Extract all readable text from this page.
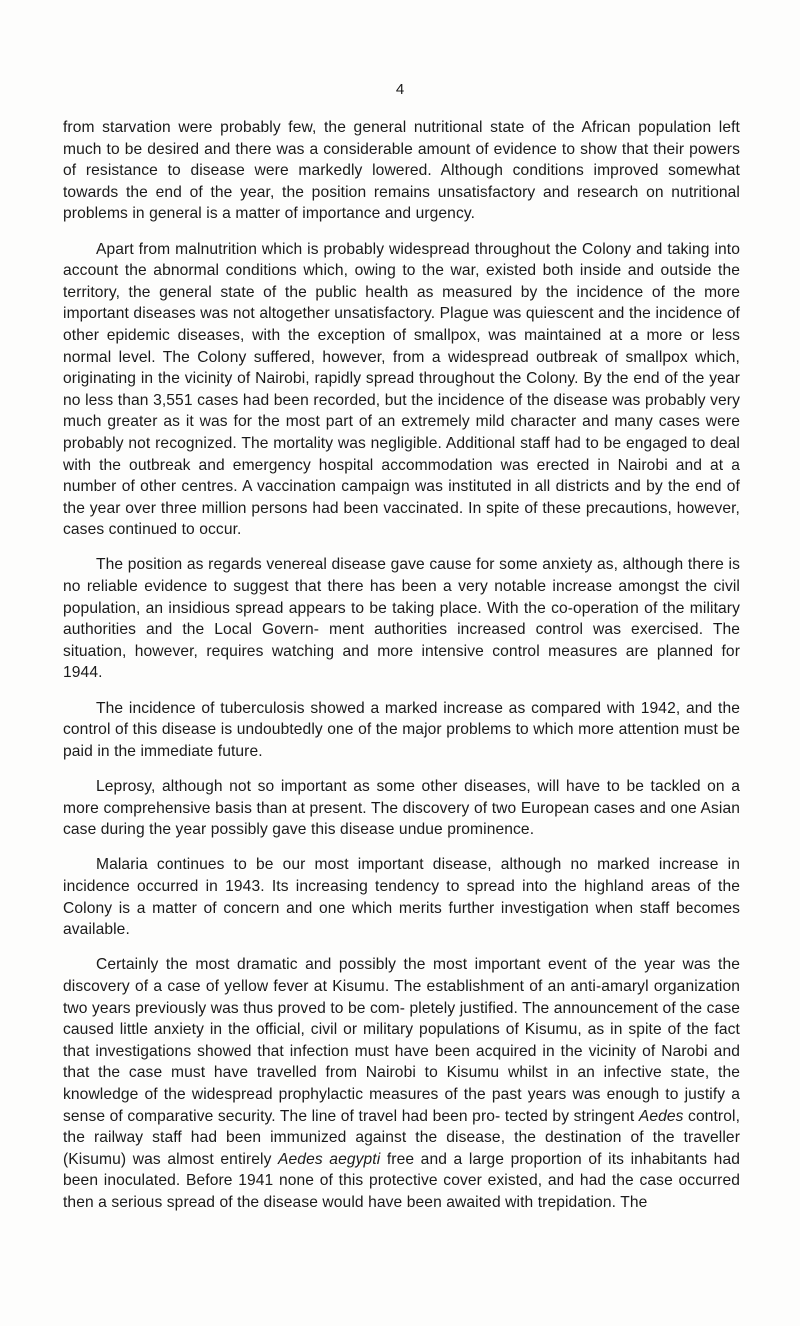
4

from starvation were probably few, the general nutritional state of the African population left much to be desired and there was a considerable amount of evidence to show that their powers of resistance to disease were markedly lowered. Although conditions improved somewhat towards the end of the year, the position remains unsatisfactory and research on nutritional problems in general is a matter of importance and urgency.

Apart from malnutrition which is probably widespread throughout the Colony and taking into account the abnormal conditions which, owing to the war, existed both inside and outside the territory, the general state of the public health as measured by the incidence of the more important diseases was not altogether unsatisfactory. Plague was quiescent and the incidence of other epidemic diseases, with the exception of smallpox, was maintained at a more or less normal level. The Colony suffered, however, from a widespread outbreak of smallpox which, originating in the vicinity of Nairobi, rapidly spread throughout the Colony. By the end of the year no less than 3,551 cases had been recorded, but the incidence of the disease was probably very much greater as it was for the most part of an extremely mild character and many cases were probably not recognized. The mortality was negligible. Additional staff had to be engaged to deal with the outbreak and emergency hospital accommodation was erected in Nairobi and at a number of other centres. A vaccination campaign was instituted in all districts and by the end of the year over three million persons had been vaccinated. In spite of these precautions, however, cases continued to occur.

The position as regards venereal disease gave cause for some anxiety as, although there is no reliable evidence to suggest that there has been a very notable increase amongst the civil population, an insidious spread appears to be taking place. With the co-operation of the military authorities and the Local Govern- ment authorities increased control was exercised. The situation, however, requires watching and more intensive control measures are planned for 1944.

The incidence of tuberculosis showed a marked increase as compared with 1942, and the control of this disease is undoubtedly one of the major problems to which more attention must be paid in the immediate future.

Leprosy, although not so important as some other diseases, will have to be tackled on a more comprehensive basis than at present. The discovery of two European cases and one Asian case during the year possibly gave this disease undue prominence.

Malaria continues to be our most important disease, although no marked increase in incidence occurred in 1943. Its increasing tendency to spread into the highland areas of the Colony is a matter of concern and one which merits further investigation when staff becomes available.

Certainly the most dramatic and possibly the most important event of the year was the discovery of a case of yellow fever at Kisumu. The establishment of an anti-amaryl organization two years previously was thus proved to be com- pletely justified. The announcement of the case caused little anxiety in the official, civil or military populations of Kisumu, as in spite of the fact that investigations showed that infection must have been acquired in the vicinity of Narobi and that the case must have travelled from Nairobi to Kisumu whilst in an infective state, the knowledge of the widespread prophylactic measures of the past years was enough to justify a sense of comparative security. The line of travel had been pro- tected by stringent Aedes control, the railway staff had been immunized against the disease, the destination of the traveller (Kisumu) was almost entirely Aedes aegypti free and a large proportion of its inhabitants had been inoculated. Before 1941 none of this protective cover existed, and had the case occurred then a serious spread of the disease would have been awaited with trepidation. The
